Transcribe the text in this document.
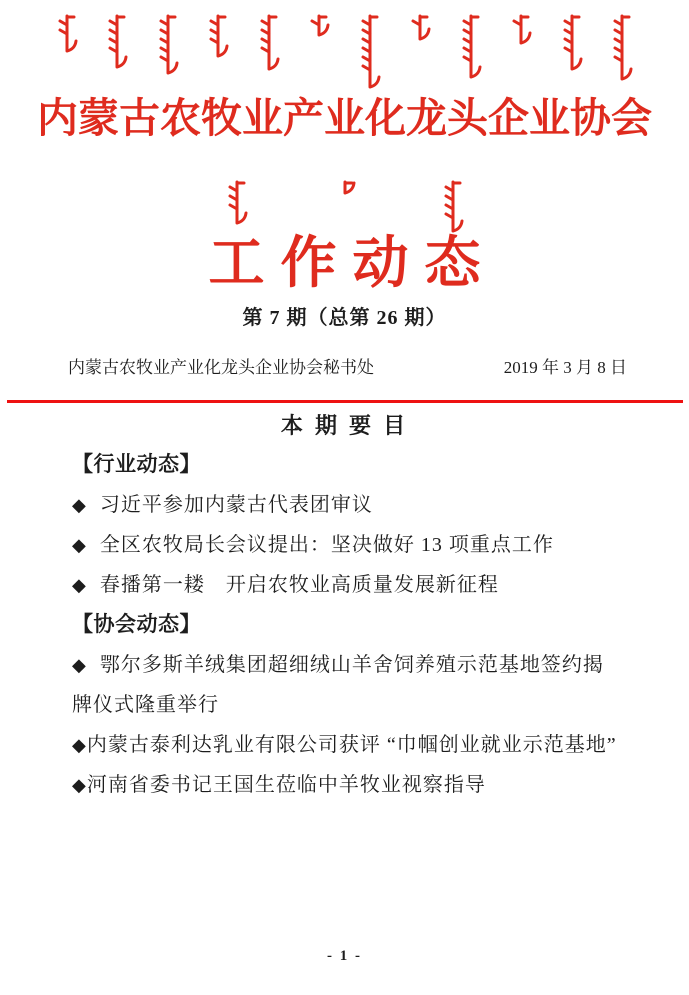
内蒙古农牧业产业化龙头企业协会
工作动态
第 7 期（总第 26 期）
内蒙古农牧业产业化龙头企业协会秘书处	2019 年 3 月 8 日
本 期 要 目
【行业动态】
◆ 习近平参加内蒙古代表团审议
◆ 全区农牧局长会议提出：坚决做好 13 项重点工作
◆ 春播第一耧　开启农牧业高质量发展新征程
【协会动态】
◆ 鄂尔多斯羊绒集团超细绒山羊舍饲养殖示范基地签约揭牌仪式隆重举行
◆内蒙古泰利达乳业有限公司获评 “巾帼创业就业示范基地”
◆河南省委书记王国生莅临中羊牧业视察指导
- 1 -
